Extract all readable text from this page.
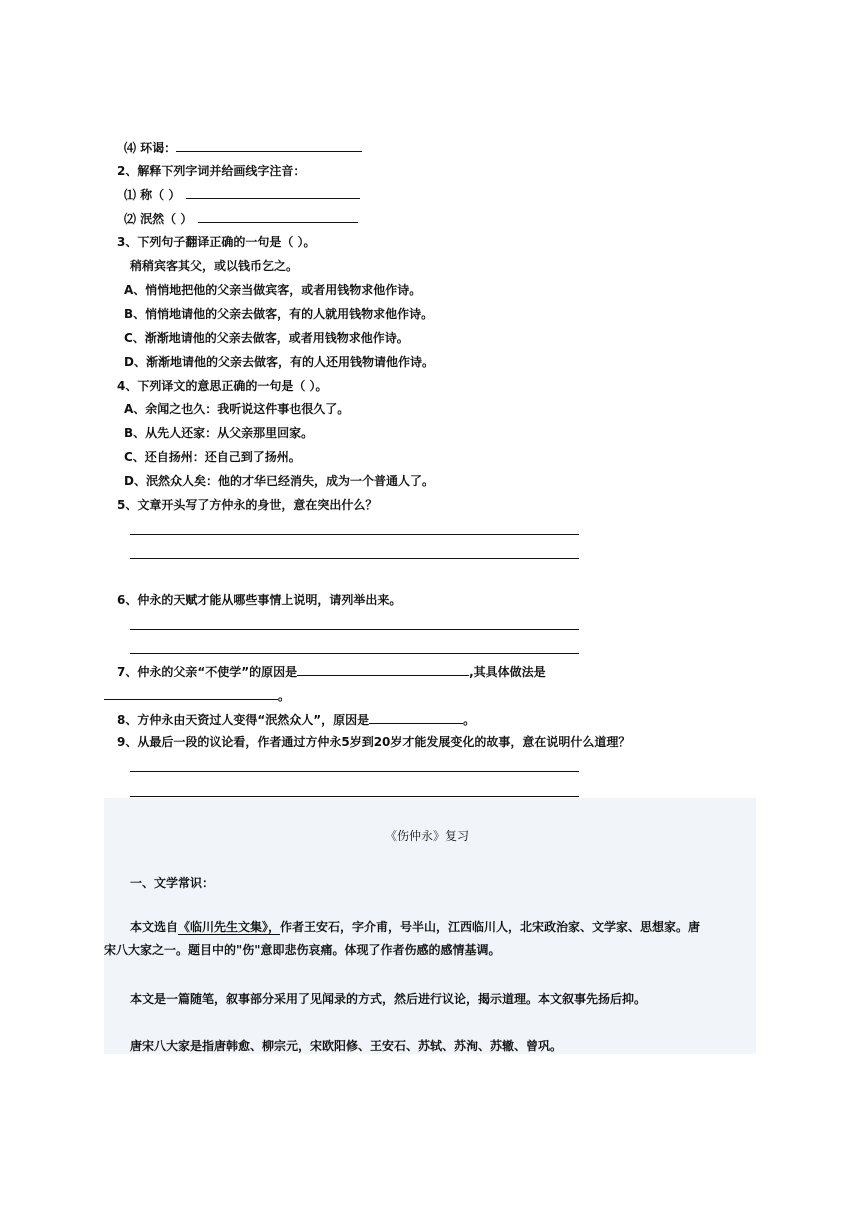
⑷ 环谒：
2、解释下列字词并给画线字注音：
⑴ 称（ ）
⑵ 泯然（ ）
3、下列句子翻译正确的一句是（ ）。
稍稍宾客其父，或以钱币乞之。
A、悄悄地把他的父亲当做宾客，或者用钱物求他作诗。
B、悄悄地请他的父亲去做客，有的人就用钱物求他作诗。
C、渐渐地请他的父亲去做客，或者用钱物求他作诗。
D、渐渐地请他的父亲去做客，有的人还用钱物请他作诗。
4、下列译文的意思正确的一句是（ ）。
A、余闻之也久：我听说这件事也很久了。
B、从先人还家：从父亲那里回家。
C、还自扬州：还自己到了扬州。
D、泯然众人矣：他的才华已经消失，成为一个普通人了。
5、文章开头写了方仲永的身世，意在突出什么？
6、仲永的天赋才能从哪些事情上说明，请列举出来。
7、仲永的父亲“不使学”的原因是	,其具体做法是
。
8、方仲永由天资过人变得“泯然众人”，原因是	。
9、从最后一段的议论看，作者通过方仲永5岁到20岁才能发展变化的故事，意在说明什么道理？
《伤仲永》复习
一、文学常识：
本文选自《临川先生文集》，作者王安石，字介甫，号半山，江西临川人，北宋政治家、文学家、思想家。唐
宋八大家之一。题目中的"伤"意即悲伤哀痛。体现了作者伤感的感情基调。
本文是一篇随笔，叙事部分采用了见闻录的方式，然后进行议论，揭示道理。本文叙事先扬后抑。
唐宋八大家是指唐韩愈、柳宗元，宋欧阳修、王安石、苏轼、苏洵、苏辙、曾巩。
